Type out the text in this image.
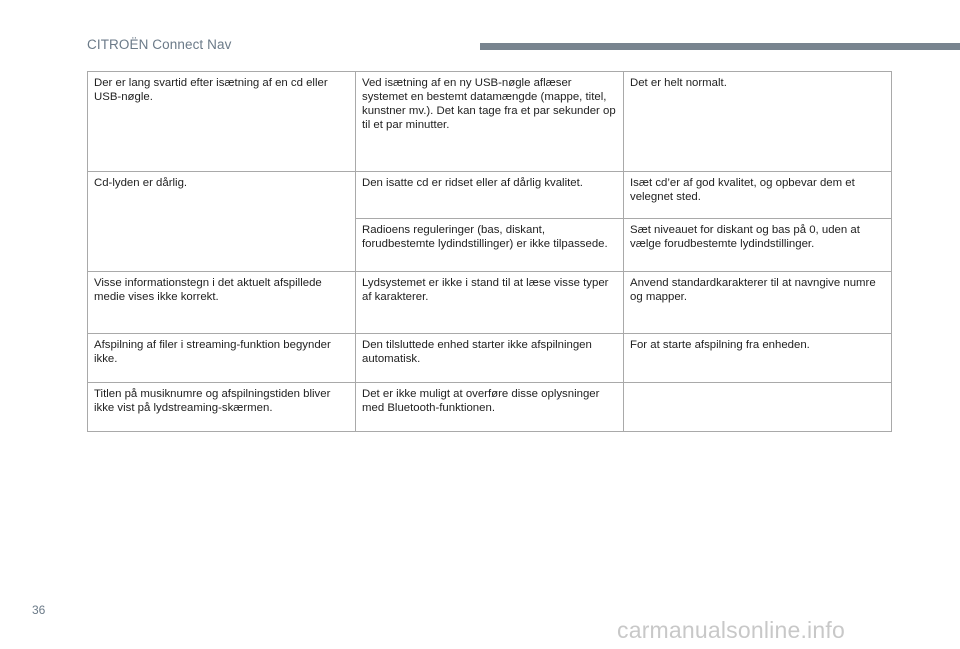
CITROËN Connect Nav
Der er lang svartid efter isætning af en cd eller USB-nøgle.	Ved isætning af en ny USB-nøgle aflæser systemet en bestemt datamængde (mappe, titel, kunstner mv.). Det kan tage fra et par sekunder op til et par minutter.	Det er helt normalt.
Cd-lyden er dårlig.	Den isatte cd er ridset eller af dårlig kvalitet.	Isæt cd’er af god kvalitet, og opbevar dem et velegnet sted.
	Radioens reguleringer (bas, diskant, forudbestemte lydindstillinger) er ikke tilpassede.	Sæt niveauet for diskant og bas på 0, uden at vælge forudbestemte lydindstillinger.
Visse informationstegn i det aktuelt afspillede medie vises ikke korrekt.	Lydsystemet er ikke i stand til at læse visse typer af karakterer.	Anvend standardkarakterer til at navngive numre og mapper.
Afspilning af filer i streaming-funktion begynder ikke.	Den tilsluttede enhed starter ikke afspilningen automatisk.	For at starte afspilning fra enheden.
Titlen på musiknumre og afspilningstiden bliver ikke vist på lydstreaming-skærmen.	Det er ikke muligt at overføre disse oplysninger med Bluetooth-funktionen.	
36
carmanualsonline.info
